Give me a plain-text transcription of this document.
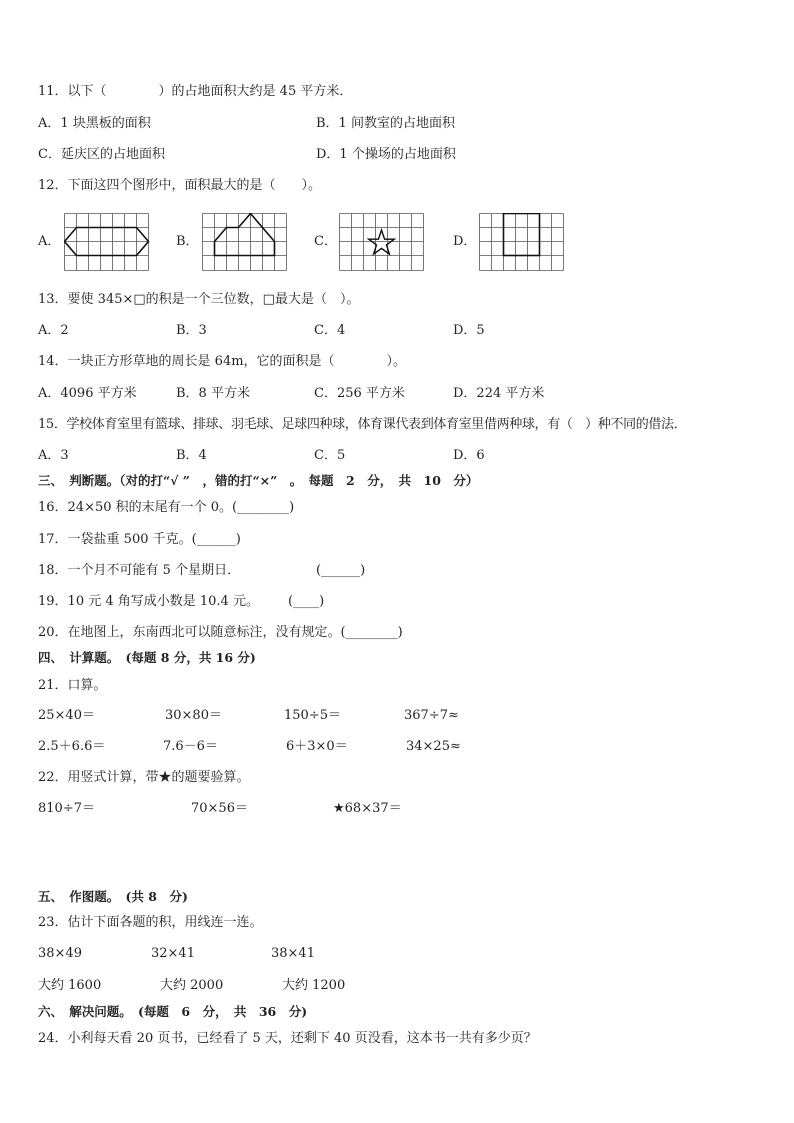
11．以下（　　　　）的占地面积大约是 45 平方米．
A．1 块黑板的面积	B．1 间教室的占地面积
C．延庆区的占地面积	D．1 个操场的占地面积
12．下面这四个图形中，面积最大的是（　　）。
A．	B．	C．	D．
13．要使 345×□的积是一个三位数，□最大是（　）。
A．2	B．3	C．4	D．5
14．一块正方形草地的周长是 64m，它的面积是（　　　　）。
A．4096 平方米	B．8 平方米	C．256 平方米	D．224 平方米
15．学校体育室里有篮球、排球、羽毛球、足球四种球，体育课代表到体育室里借两种球，有（　）种不同的借法．
A．3	B．4	C．5	D．6
三、　判断题。（对的打“√ ”　，错的打“×”　。　每题　2　分，　共　10　分）
16．24×50 积的末尾有一个 0。(________)
17．一袋盐重 500 千克。(______)
18．一个月不可能有 5 个星期日．	(______)
19．10 元 4 角写成小数是 10.4 元。 (____)
20．在地图上，东南西北可以随意标注，没有规定。(________)
四、　计算题。　(每题 8 分，共 16 分)
21．口算。
25×40＝	30×80＝	150÷5＝	367÷7≈
2.5＋6.6＝	7.6－6＝	6＋3×0＝	34×25≈
22．用竖式计算，带★的题要验算。
810÷7＝	70×56＝	★68×37＝
五、　作图题。　(共 8　分)
23．估计下面各题的积，用线连一连。
38×49	32×41	38×41
大约 1600	大约 2000	大约 1200
六、　解决问题。　(每题　6　分，　共　36　分)
24．小利每天看 20 页书，已经看了 5 天，还剩下 40 页没看，这本书一共有多少页？
